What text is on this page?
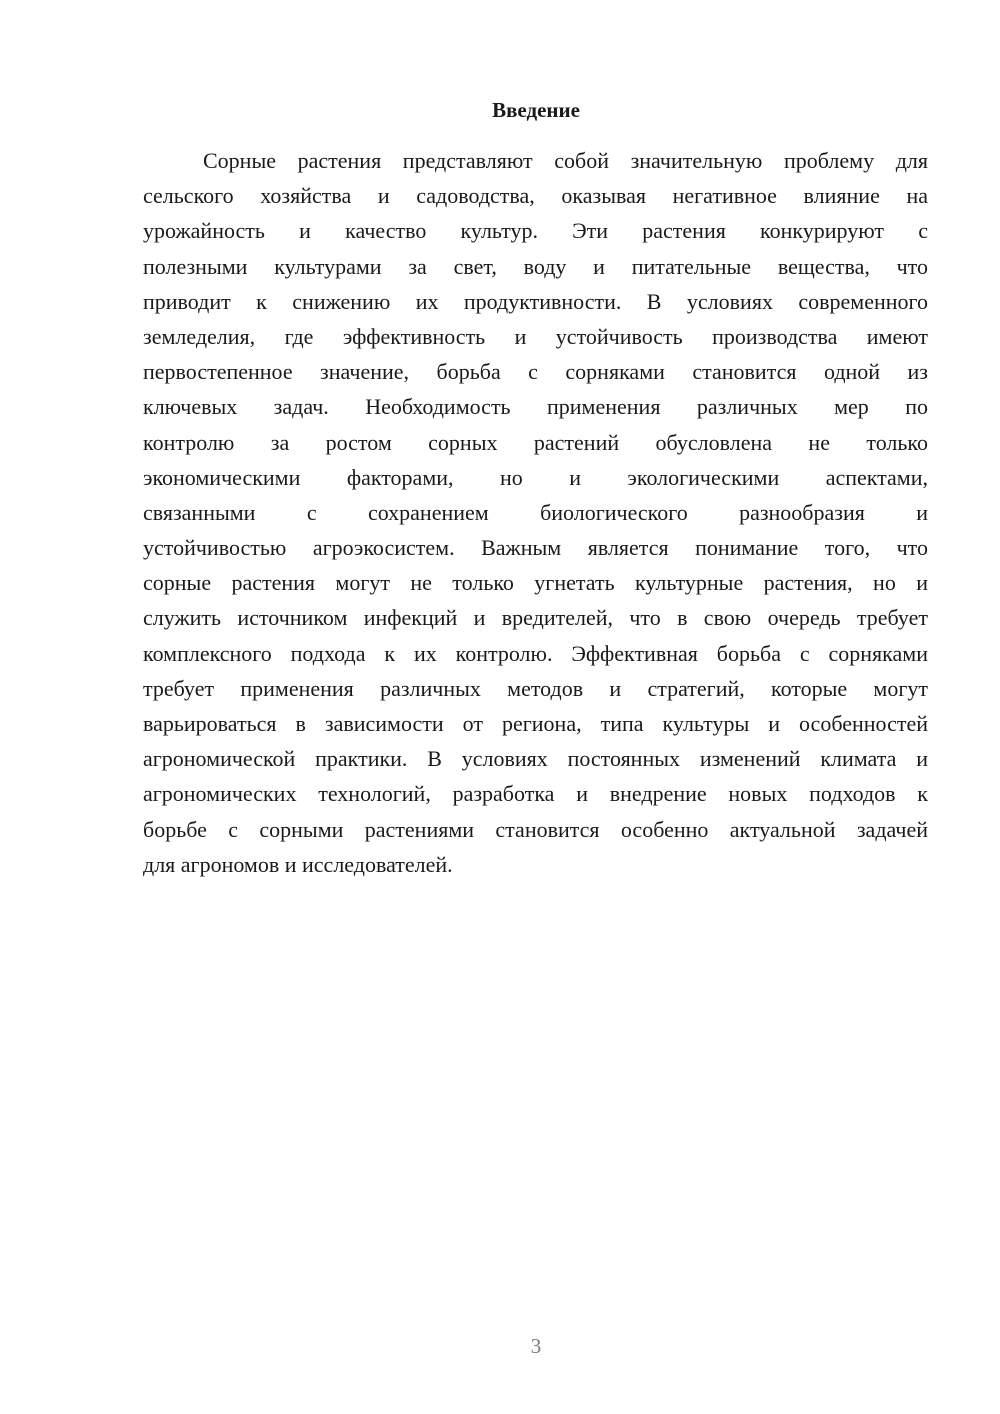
Введение
Сорные растения представляют собой значительную проблему для
сельского хозяйства и садоводства, оказывая негативное влияние на
урожайность и качество культур. Эти растения конкурируют с
полезными культурами за свет, воду и питательные вещества, что
приводит к снижению их продуктивности. В условиях современного
земледелия, где эффективность и устойчивость производства имеют
первостепенное значение, борьба с сорняками становится одной из
ключевых задач. Необходимость применения различных мер по
контролю за ростом сорных растений обусловлена не только
экономическими факторами, но и экологическими аспектами,
связанными с сохранением биологического разнообразия и
устойчивостью агроэкосистем. Важным является понимание того, что
сорные растения могут не только угнетать культурные растения, но и
служить источником инфекций и вредителей, что в свою очередь требует
комплексного подхода к их контролю. Эффективная борьба с сорняками
требует применения различных методов и стратегий, которые могут
варьироваться в зависимости от региона, типа культуры и особенностей
агрономической практики. В условиях постоянных изменений климата и
агрономических технологий, разработка и внедрение новых подходов к
борьбе с сорными растениями становится особенно актуальной задачей
для агрономов и исследователей.
3
